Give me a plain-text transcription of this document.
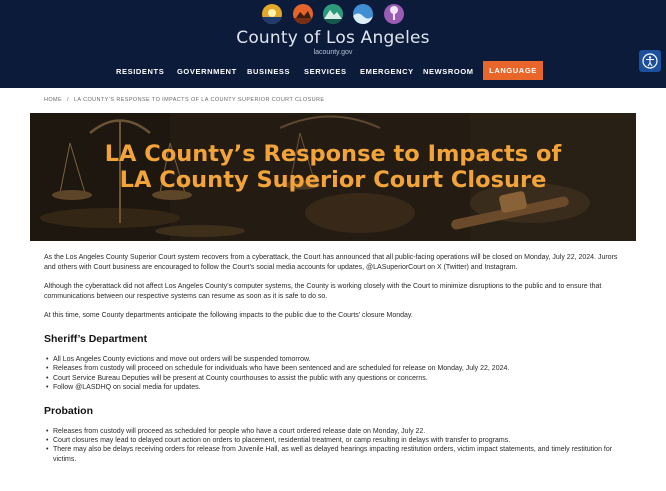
County of Los Angeles
lacounty.gov
RESIDENTS GOVERNMENT BUSINESS SERVICES EMERGENCY NEWSROOM	LANGUAGE
HOME / LA COUNTY’S RESPONSE TO IMPACTS OF LA COUNTY SUPERIOR COURT CLOSURE
LA County’s Response to Impacts of
LA County Superior Court Closure

As the Los Angeles County Superior Court system recovers from a cyberattack, the Court has announced that all public-facing operations will be closed on Monday, July 22, 2024. Jurors and others with Court business are encouraged to follow the Court’s social media accounts for updates, @LASuperiorCourt on X (Twitter) and Instagram.

Although the cyberattack did not affect Los Angeles County’s computer systems, the County is working closely with the Court to minimize disruptions to the public and to ensure that communications between our respective systems can resume as soon as it is safe to do so.

At this time, some County departments anticipate the following impacts to the public due to the Courts’ closure Monday.

Sheriff’s Department
• All Los Angeles County evictions and move out orders will be suspended tomorrow.
• Releases from custody will proceed on schedule for individuals who have been sentenced and are scheduled for release on Monday, July 22, 2024.
• Court Service Bureau Deputies will be present at County courthouses to assist the public with any questions or concerns.
• Follow @LASDHQ on social media for updates.
Probation
• Releases from custody will proceed as scheduled for people who have a court ordered release date on Monday, July 22.
• Court closures may lead to delayed court action on orders to placement, residential treatment, or camp resulting in delays with transfer to programs.
• There may also be delays receiving orders for release from Juvenile Hall, as well as delayed hearings impacting restitution orders, victim impact statements, and timely restitution for victims.
